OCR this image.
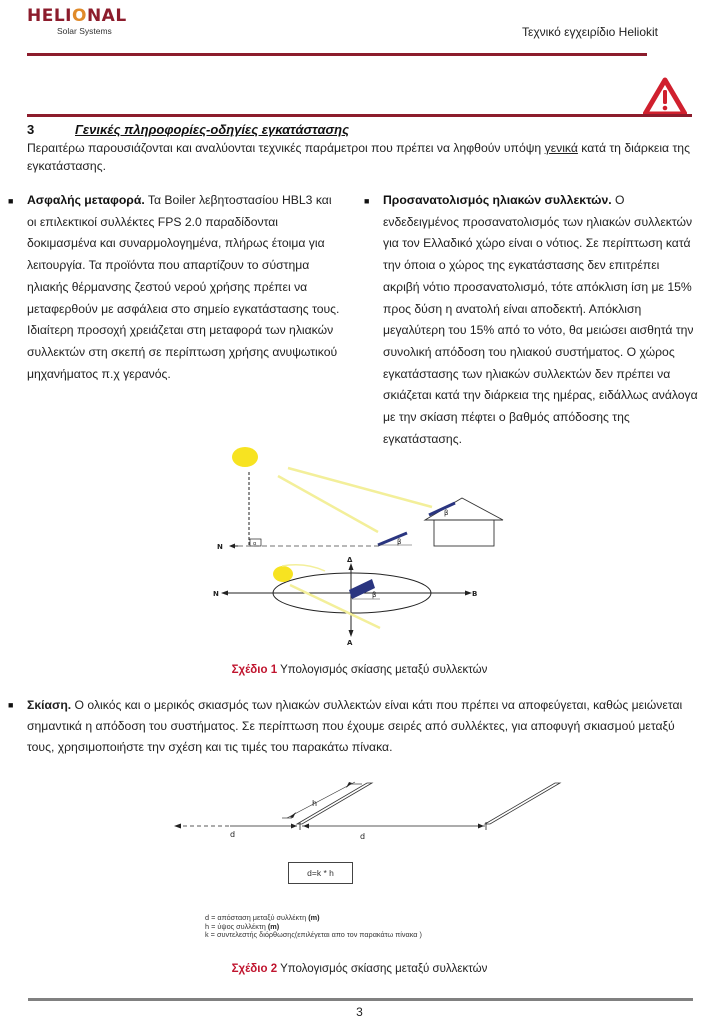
HELIONAL
Solar Systems	Τεχνικό εγχειρίδιο Heliokit
3	Γενικές πληροφορίες-οδηγίες εγκατάστασης
Περαιτέρω παρουσιάζονται και αναλύονται τεχνικές παράμετροι που πρέπει να ληφθούν υπόψη γενικά κατά τη διάρκεια της εγκατάστασης.
■ Ασφαλής μεταφορά. Τα Boiler λεβητοστασίου HBL3 και οι επιλεκτικοί συλλέκτες FPS 2.0 παραδίδονται δοκιμασμένα και συναρμολογημένα, πλήρως έτοιμα για λειτουργία. Τα προϊόντα που απαρτίζουν το σύστημα ηλιακής θέρμανσης ζεστού νερού χρήσης πρέπει να μεταφερθούν με ασφάλεια στο σημείο εγκατάστασης τους. Ιδιαίτερη προσοχή χρειάζεται στη μεταφορά των ηλιακών συλλεκτών στη σκεπή σε περίπτωση χρήσης ανυψωτικού μηχανήματος π.χ γερανός.
■ Προσανατολισμός ηλιακών συλλεκτών. Ο ενδεδειγμένος προσανατολισμός των ηλιακών συλλεκτών για τον Ελλαδικό χώρο είναι ο νότιος. Σε περίπτωση κατά την όποια ο χώρος της εγκατάστασης δεν επιτρέπει ακριβή νότιο προσανατολισμό, τότε απόκλιση ίση με 15% προς δύση η ανατολή είναι αποδεκτή. Απόκλιση μεγαλύτερη του 15% από το νότο, θα μειώσει αισθητά την συνολική απόδοση του ηλιακού συστήματος. Ο χώρος εγκατάστασης των ηλιακών συλλεκτών δεν πρέπει να σκιάζεται κατά την διάρκεια της ημέρας, ειδάλλως ανάλογα με την σκίαση πέφτει ο βαθμός απόδοσης της εγκατάστασης.
N	α	β
β
N	Β
Δ
Α
β
Σχέδιο 1 Υπολογισμός σκίασης μεταξύ συλλεκτών
■ Σκίαση. Ο ολικός και ο μερικός σκιασμός των ηλιακών συλλεκτών είναι κάτι που πρέπει να αποφεύγεται, καθώς μειώνεται σημαντικά η απόδοση του συστήματος. Σε περίπτωση που έχουμε σειρές από συλλέκτες, για αποφυγή σκιασμού μεταξύ τους, χρησιμοποιήστε την σχέση και τις τιμές του παρακάτω πίνακα.
h
d	d
d=k * h
d = απόσταση μεταξύ συλλέκτη (m)
h = ύψος συλλέκτη (m)
k = συντελεστής διόρθωσης(επιλέγεται απο τον παρακάτω πίνακα )
Σχέδιο 2 Υπολογισμός σκίασης μεταξύ συλλεκτών
3
